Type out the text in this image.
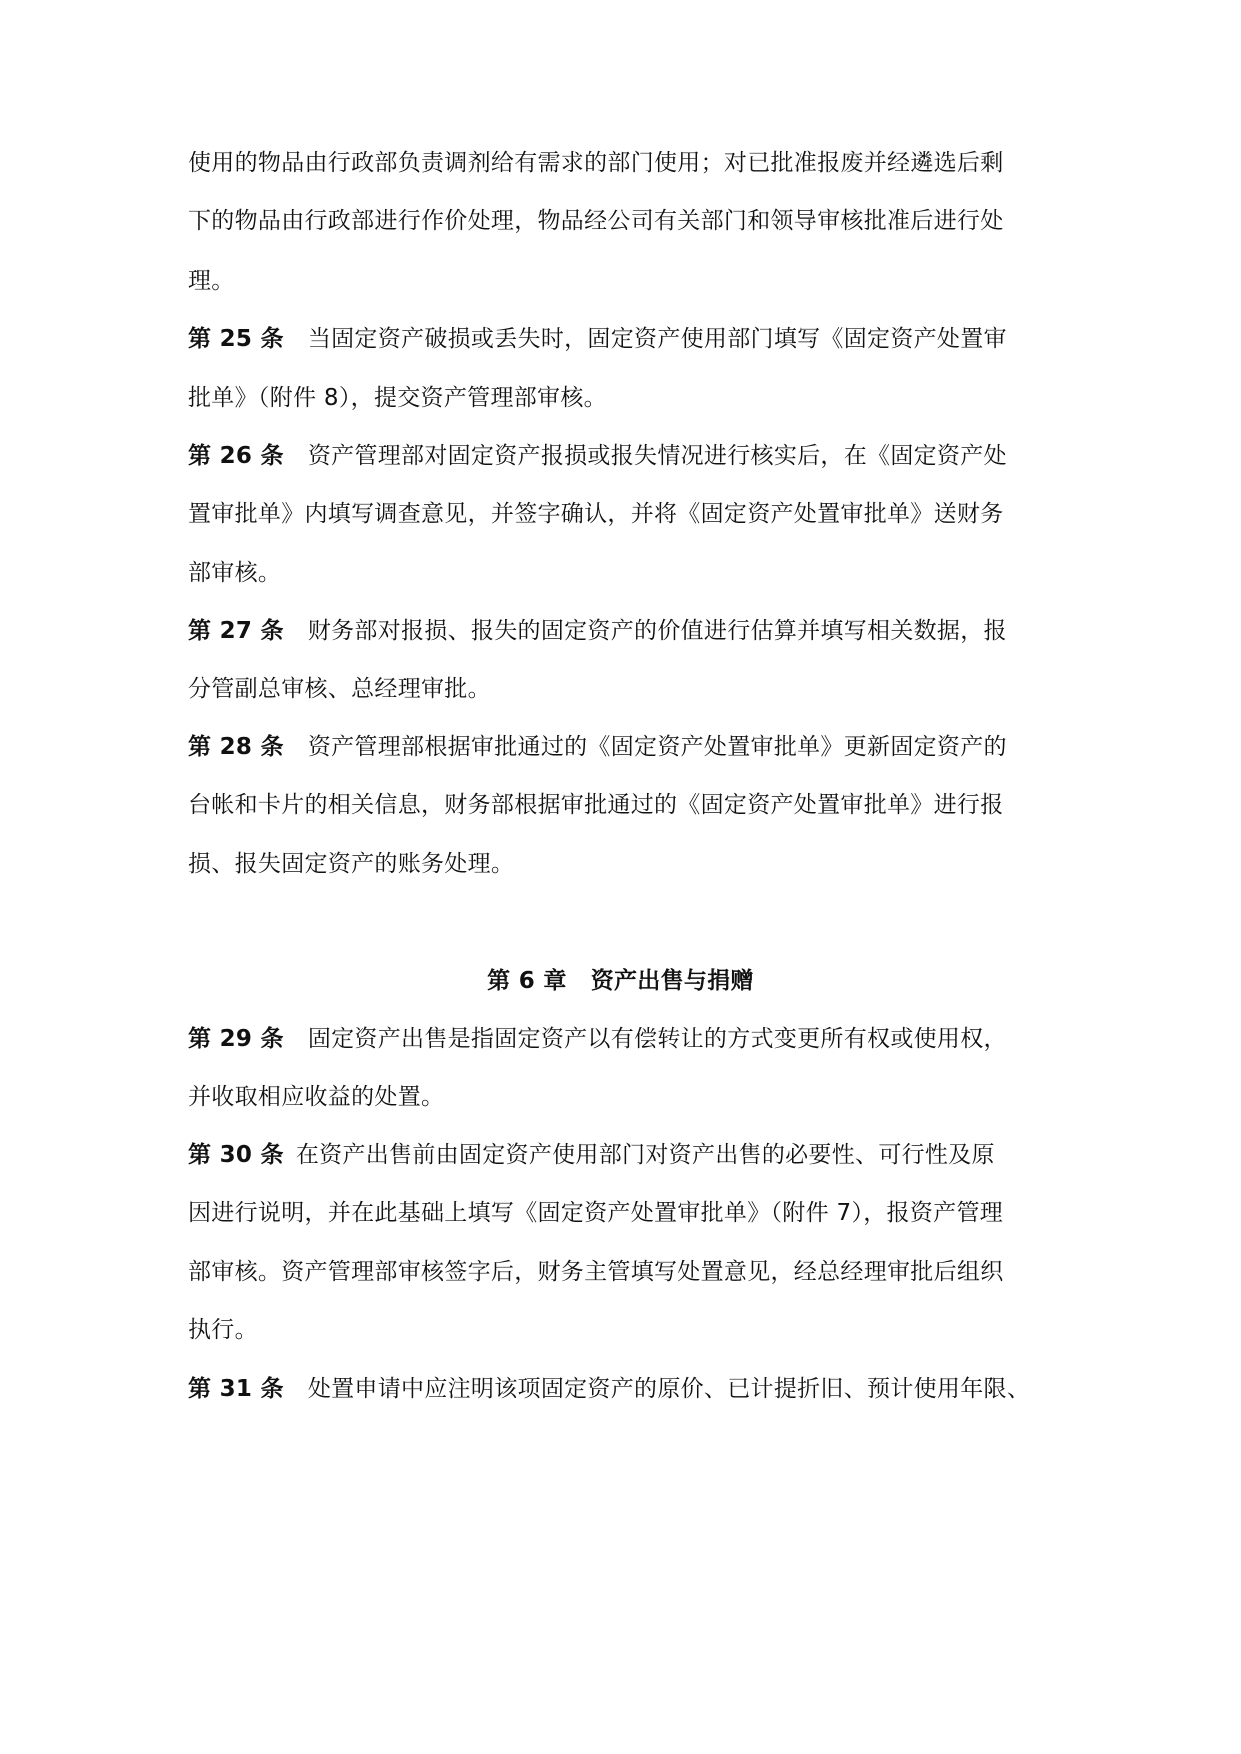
使用的物品由行政部负责调剂给有需求的部门使用；对已批准报废并经遴选后剩
下的物品由行政部进行作价处理，物品经公司有关部门和领导审核批准后进行处
理。
第 25 条 当固定资产破损或丢失时，固定资产使用部门填写《固定资产处置审
批单》（附件 8），提交资产管理部审核。
第 26 条 资产管理部对固定资产报损或报失情况进行核实后，在《固定资产处
置审批单》内填写调查意见，并签字确认，并将《固定资产处置审批单》送财务
部审核。
第 27 条 财务部对报损、报失的固定资产的价值进行估算并填写相关数据，报
分管副总审核、总经理审批。
第 28 条 资产管理部根据审批通过的《固定资产处置审批单》更新固定资产的
台帐和卡片的相关信息，财务部根据审批通过的《固定资产处置审批单》进行报
损、报失固定资产的账务处理。
第 6 章 资产出售与捐赠
第 29 条 固定资产出售是指固定资产以有偿转让的方式变更所有权或使用权，
并收取相应收益的处置。
第 30 条 在资产出售前由固定资产使用部门对资产出售的必要性、可行性及原
因进行说明，并在此基础上填写《固定资产处置审批单》（附件 7），报资产管理
部审核。资产管理部审核签字后，财务主管填写处置意见，经总经理审批后组织
执行。
第 31 条 处置申请中应注明该项固定资产的原价、已计提折旧、预计使用年限、
